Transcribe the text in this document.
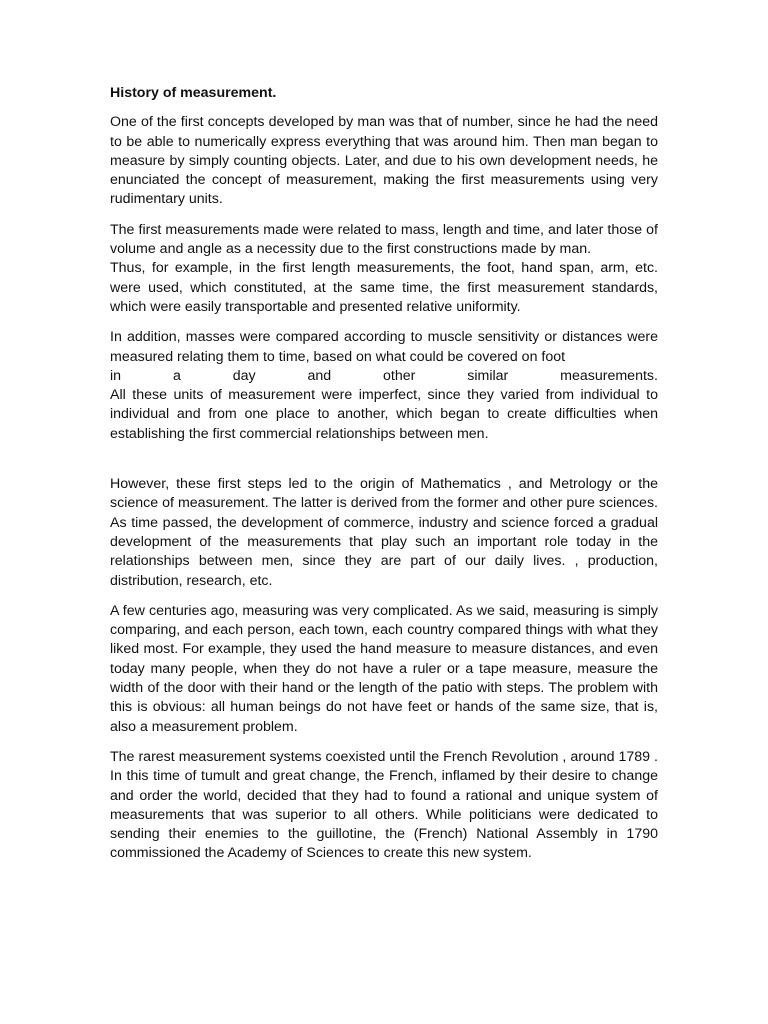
History of measurement.

One of the first concepts developed by man was that of number, since he had the need to be able to numerically express everything that was around him. Then man began to measure by simply counting objects. Later, and due to his own development needs, he enunciated the concept of measurement, making the first measurements using very rudimentary units.

The first measurements made were related to mass, length and time, and later those of volume and angle as a necessity due to the first constructions made by man.
Thus, for example, in the first length measurements, the foot, hand span, arm, etc. were used, which constituted, at the same time, the first measurement standards, which were easily transportable and presented relative uniformity.

In addition, masses were compared according to muscle sensitivity or distances were measured relating them to time, based on what could be covered on foot
in	a	day	and	other	similar	measurements.
All these units of measurement were imperfect, since they varied from individual to individual and from one place to another, which began to create difficulties when establishing the first commercial relationships between men.

However, these first steps led to the origin of Mathematics , and Metrology or the science of measurement. The latter is derived from the former and other pure sciences. As time passed, the development of commerce, industry and science forced a gradual development of the measurements that play such an important role today in the relationships between men, since they are part of our daily lives. , production, distribution, research, etc.

A few centuries ago, measuring was very complicated. As we said, measuring is simply comparing, and each person, each town, each country compared things with what they liked most. For example, they used the hand measure to measure distances, and even today many people, when they do not have a ruler or a tape measure, measure the width of the door with their hand or the length of the patio with steps. The problem with this is obvious: all human beings do not have feet or hands of the same size, that is, also a measurement problem.

The rarest measurement systems coexisted until the French Revolution , around 1789 . In this time of tumult and great change, the French, inflamed by their desire to change and order the world, decided that they had to found a rational and unique system of measurements that was superior to all others. While politicians were dedicated to sending their enemies to the guillotine, the (French) National Assembly in 1790 commissioned the Academy of Sciences to create this new system.
